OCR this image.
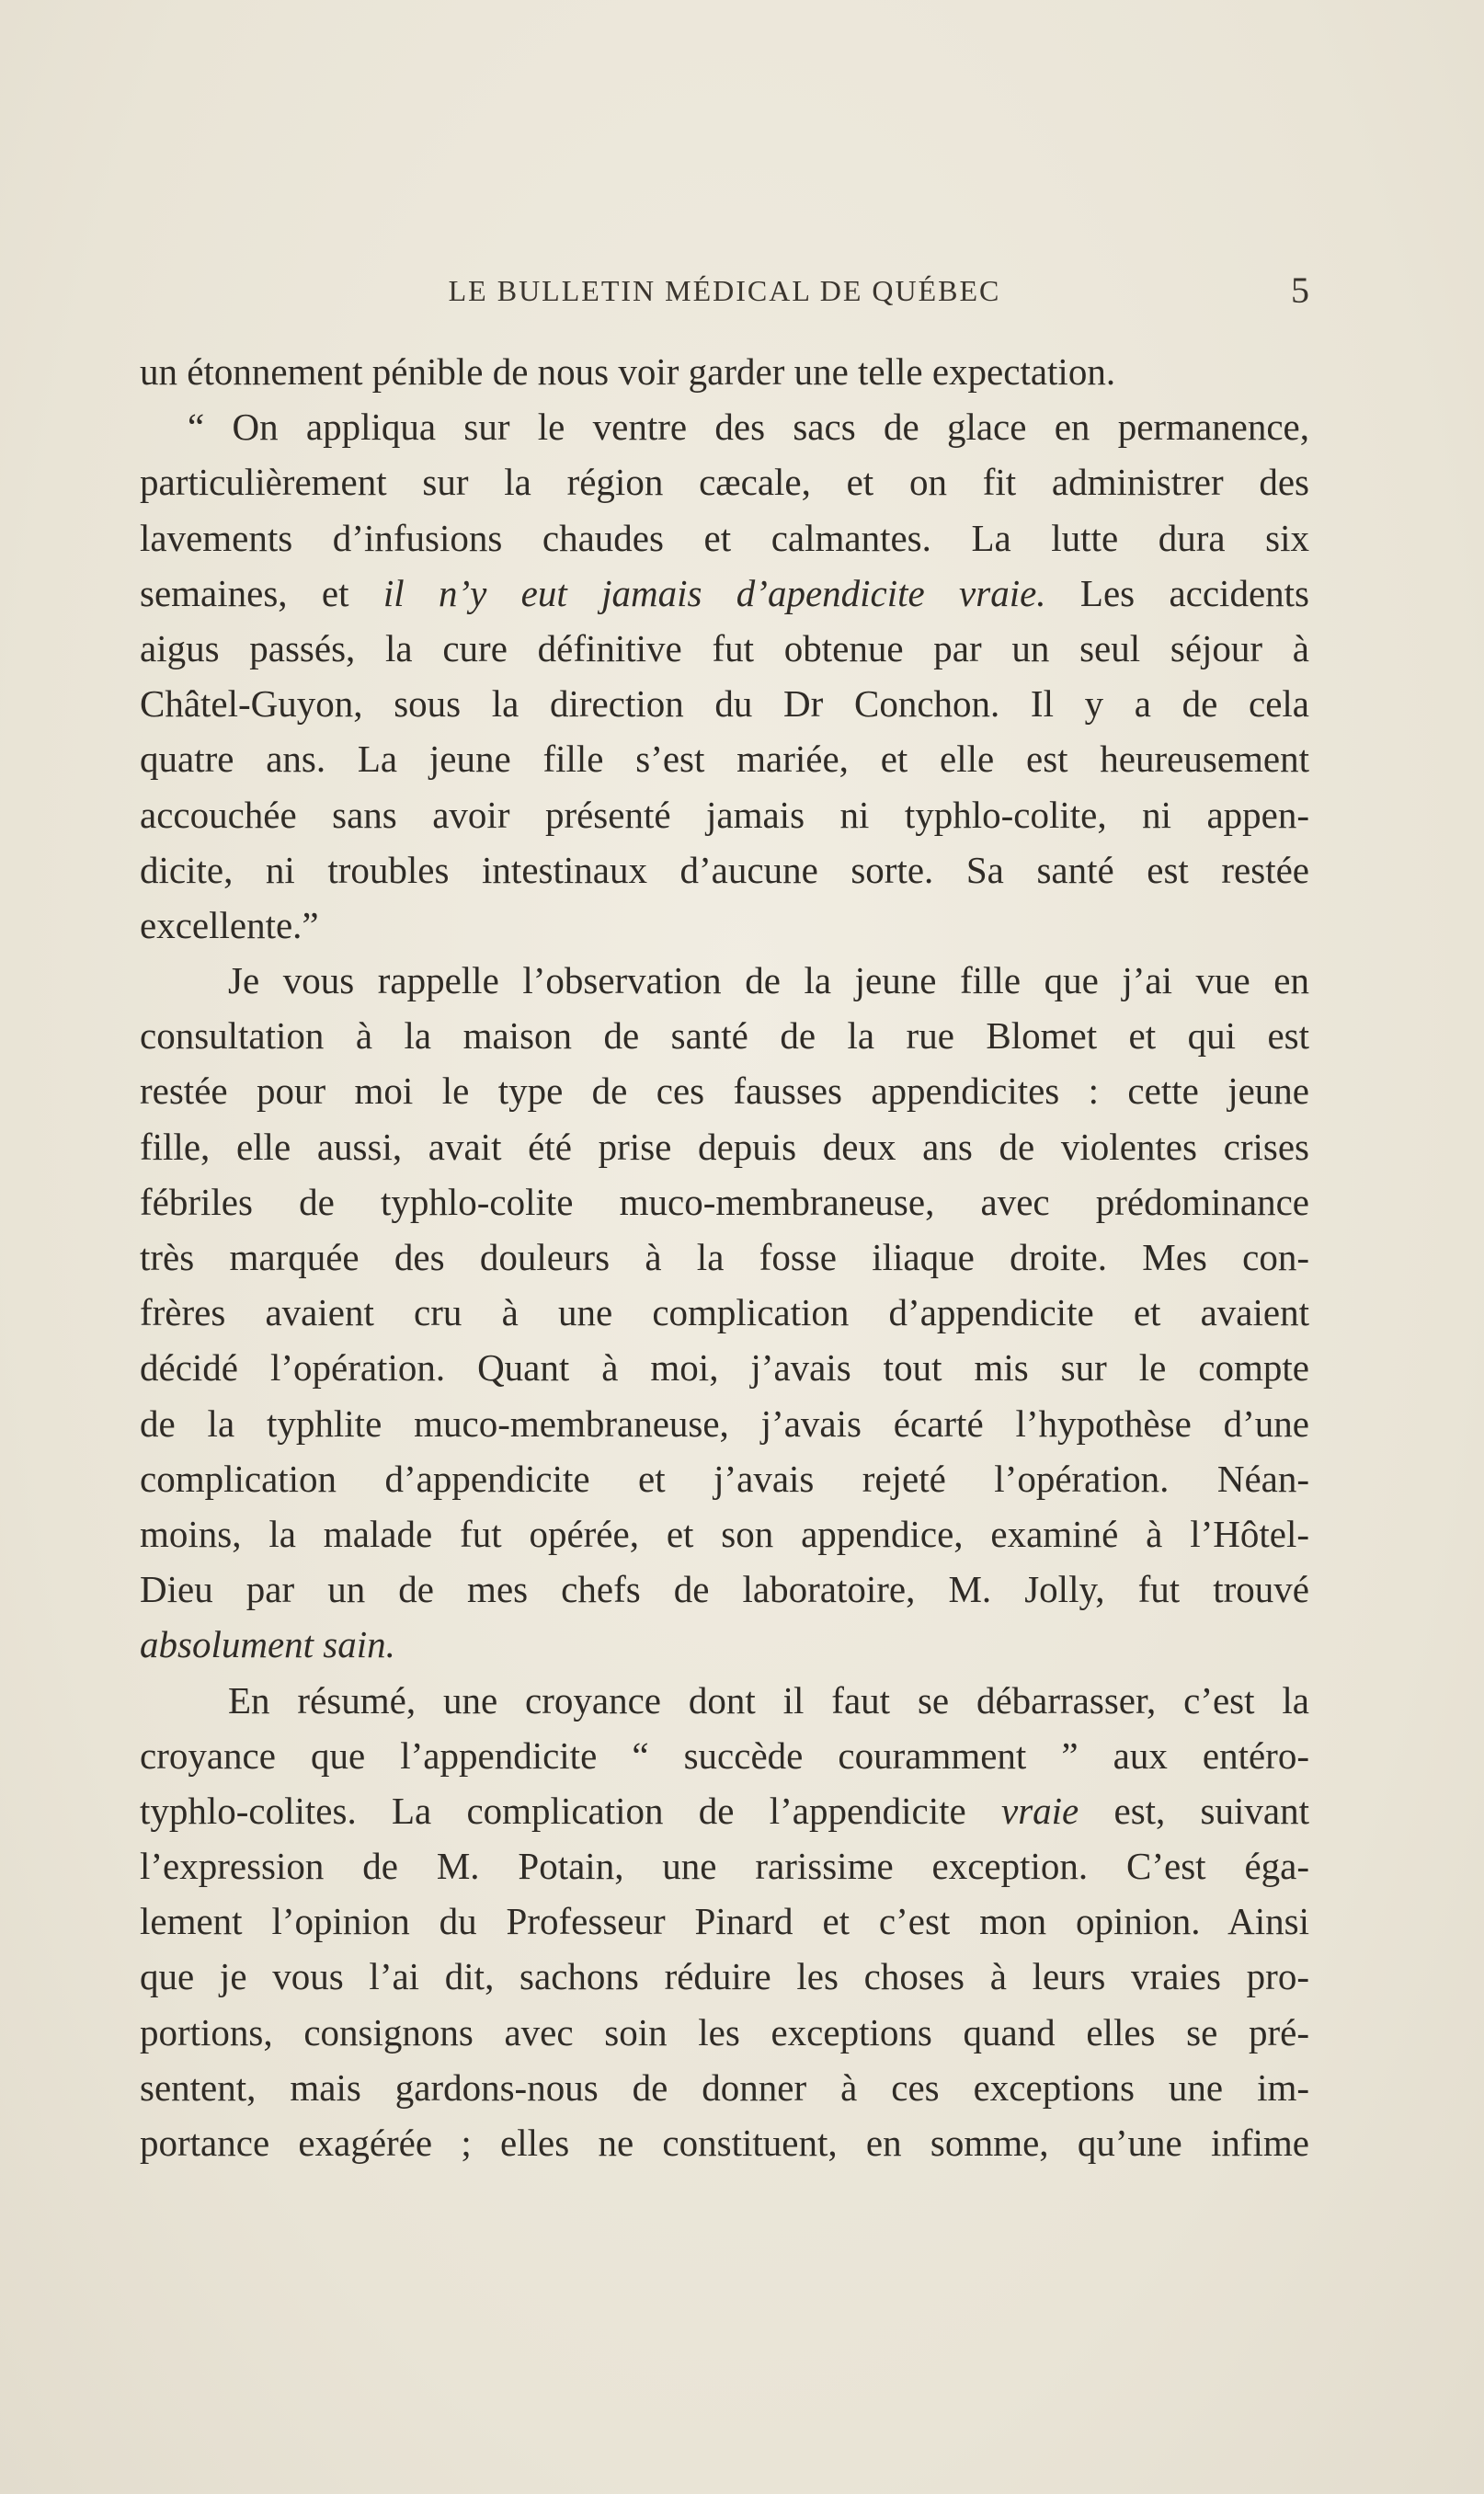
LE BULLETIN MÉDICAL DE QUÉBEC	5
un étonnement pénible de nous voir garder une telle expectation.
“ On appliqua sur le ventre des sacs de glace en permanence,
particulièrement sur la région cæcale, et on fit administrer des
lavements d’infusions chaudes et calmantes. La lutte dura six
semaines, et il n’y eut jamais d’apendicite vraie. Les accidents
aigus passés, la cure définitive fut obtenue par un seul séjour à
Châtel-Guyon, sous la direction du Dr Conchon. Il y a de cela
quatre ans. La jeune fille s’est mariée, et elle est heureusement
accouchée sans avoir présenté jamais ni typhlo-colite, ni appen-
dicite, ni troubles intestinaux d’aucune sorte. Sa santé est restée
excellente.”
Je vous rappelle l’observation de la jeune fille que j’ai vue en
consultation à la maison de santé de la rue Blomet et qui est
restée pour moi le type de ces fausses appendicites : cette jeune
fille, elle aussi, avait été prise depuis deux ans de violentes crises
fébriles de typhlo-colite muco-membraneuse, avec prédominance
très marquée des douleurs à la fosse iliaque droite. Mes con-
frères avaient cru à une complication d’appendicite et avaient
décidé l’opération. Quant à moi, j’avais tout mis sur le compte
de la typhlite muco-membraneuse, j’avais écarté l’hypothèse d’une
complication d’appendicite et j’avais rejeté l’opération. Néan-
moins, la malade fut opérée, et son appendice, examiné à l’Hôtel-
Dieu par un de mes chefs de laboratoire, M. Jolly, fut trouvé
absolument sain.
En résumé, une croyance dont il faut se débarrasser, c’est la
croyance que l’appendicite “ succède couramment ” aux entéro-
typhlo-colites. La complication de l’appendicite vraie est, suivant
l’expression de M. Potain, une rarissime exception. C’est éga-
lement l’opinion du Professeur Pinard et c’est mon opinion. Ainsi
que je vous l’ai dit, sachons réduire les choses à leurs vraies pro-
portions, consignons avec soin les exceptions quand elles se pré-
sentent, mais gardons-nous de donner à ces exceptions une im-
portance exagérée ; elles ne constituent, en somme, qu’une infime
